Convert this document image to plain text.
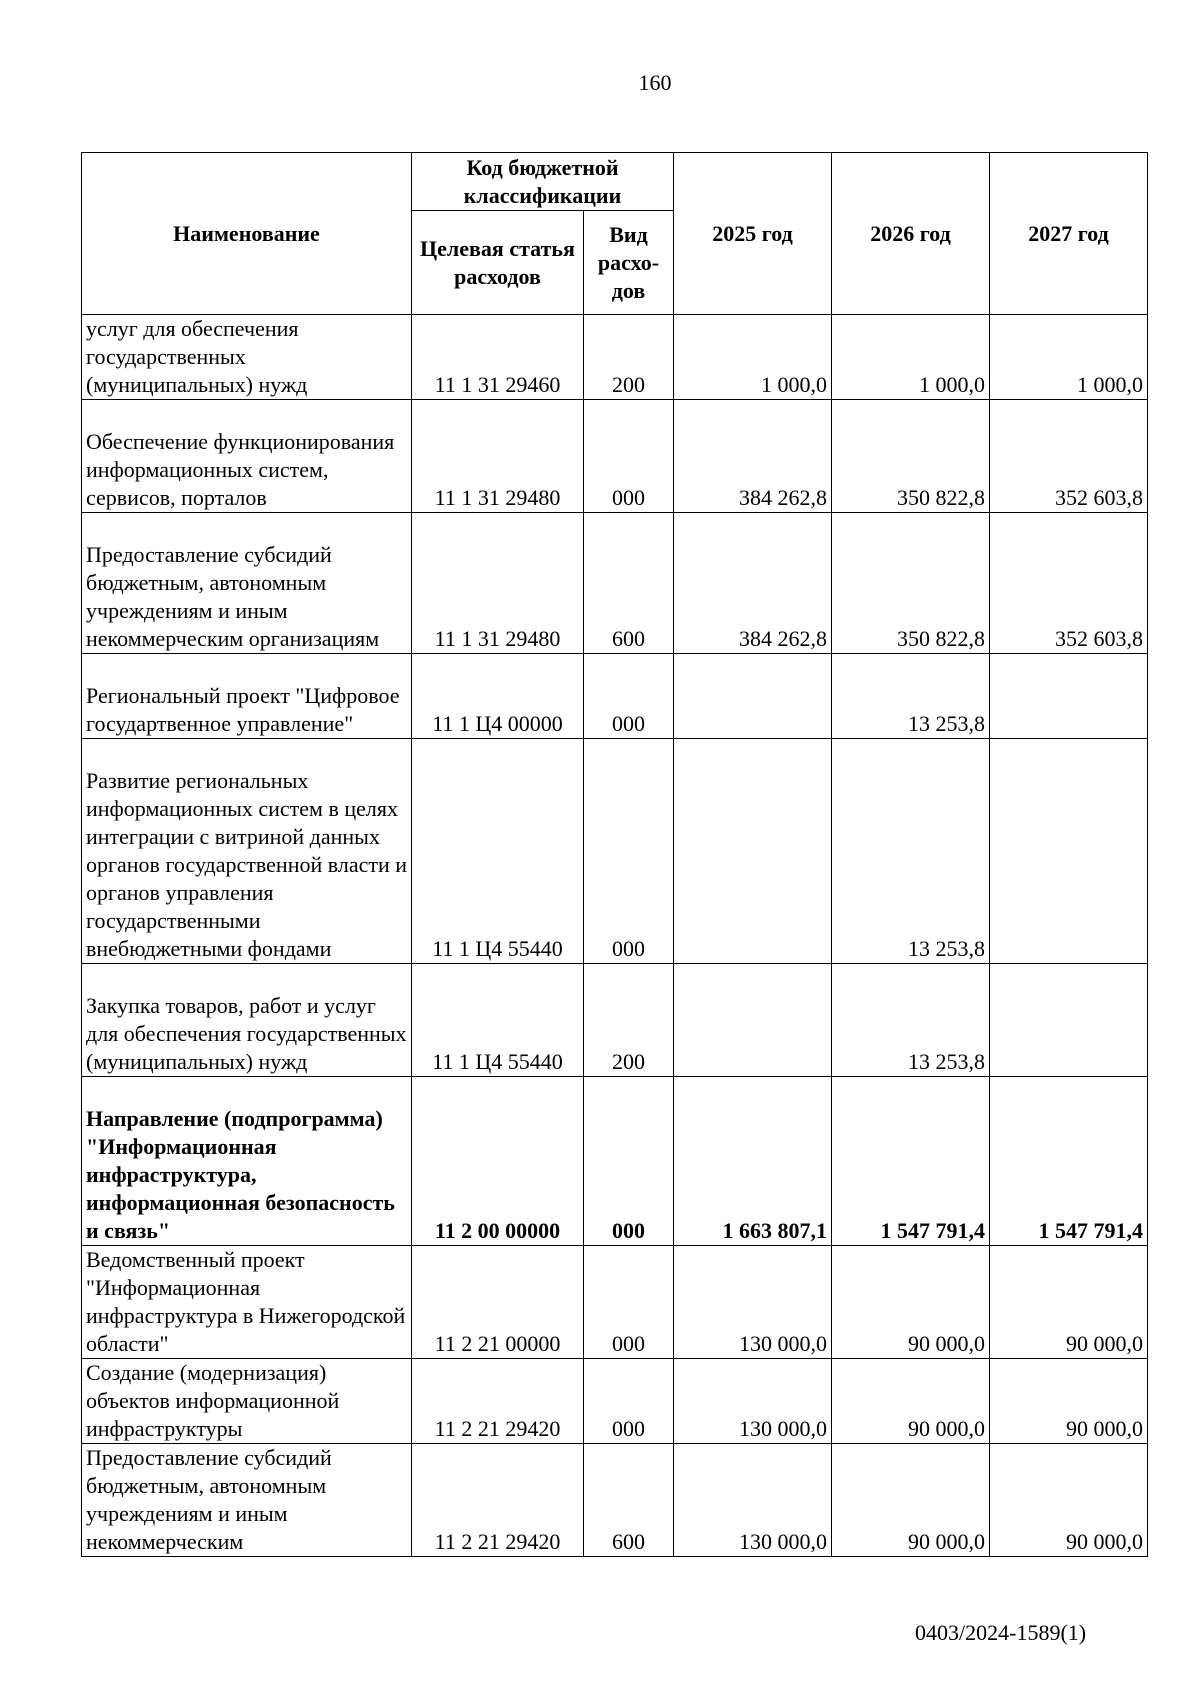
160
Наименование	Код бюджетной классификации		2025 год	2026 год	2027 год
	Целевая статья расходов	Вид расхо-дов			
услуг для обеспечения государственных (муниципальных) нужд	11 1 31 29460	200	1 000,0	1 000,0	1 000,0
Обеспечение функционирования информационных систем, сервисов, порталов	11 1 31 29480	000	384 262,8	350 822,8	352 603,8
Предоставление субсидий бюджетным, автономным учреждениям и иным некоммерческим организациям	11 1 31 29480	600	384 262,8	350 822,8	352 603,8
Региональный проект "Цифровое государтвенное управление"	11 1 Ц4 00000	000		13 253,8	
Развитие региональных информационных систем в целях интеграции с витриной данных органов государственной власти и органов управления государственными внебюджетными фондами	11 1 Ц4 55440	000		13 253,8	
Закупка товаров, работ и услуг для обеспечения государственных (муниципальных) нужд	11 1 Ц4 55440	200		13 253,8	
Направление (подпрограмма) "Информационная инфраструктура, информационная безопасность и связь"	11 2 00 00000	000	1 663 807,1	1 547 791,4	1 547 791,4
Ведомственный проект "Информационная инфраструктура в Нижегородской области"	11 2 21 00000	000	130 000,0	90 000,0	90 000,0
Создание (модернизация) объектов информационной инфраструктуры	11 2 21 29420	000	130 000,0	90 000,0	90 000,0
Предоставление субсидий бюджетным, автономным учреждениям и иным некоммерческим	11 2 21 29420	600	130 000,0	90 000,0	90 000,0
0403/2024-1589(1)
